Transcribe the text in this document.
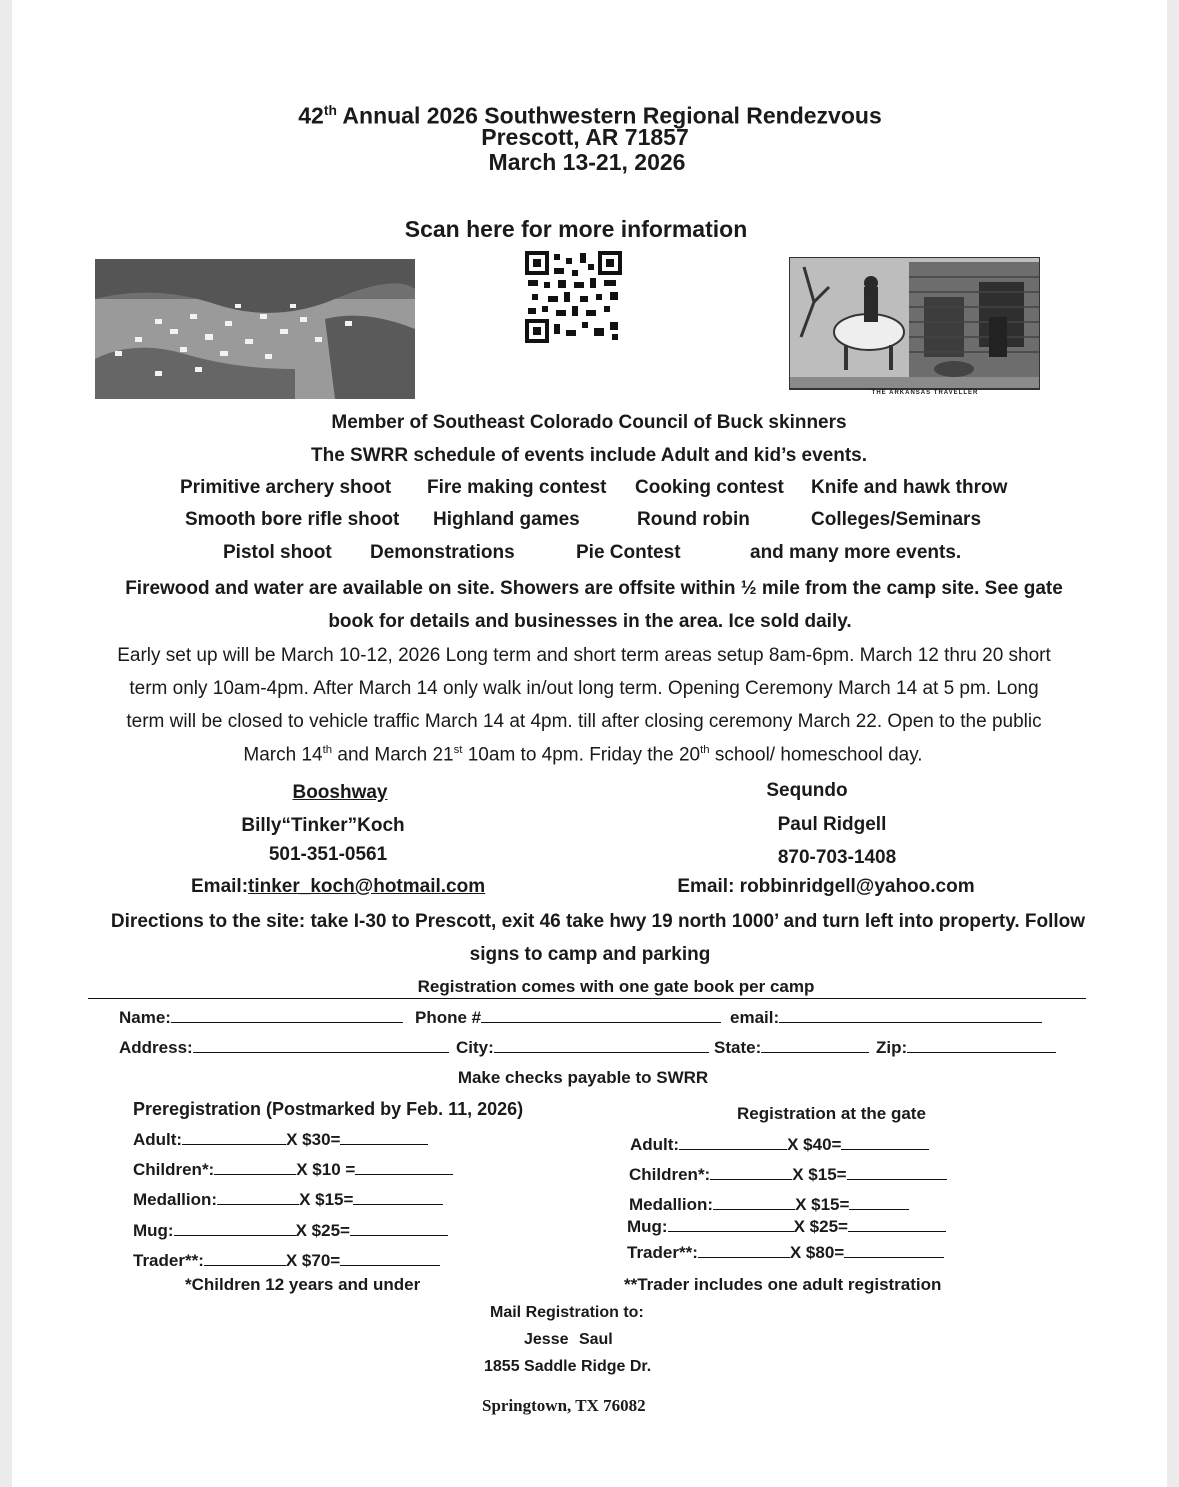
42th Annual 2026 Southwestern Regional Rendezvous
Prescott, AR 71857
March 13-21, 2026
Scan here for more information
THE ARKANSAS TRAVELLER
Member of Southeast Colorado Council of Buck skinners
The SWRR schedule of events include Adult and kid’s events.
Primitive archery shoot Fire making contest Cooking contest Knife and hawk throw
Smooth bore rifle shoot Highland games	Round robin	Colleges/Seminars
Pistol shoot Demonstrations	Pie Contest	and many more events.
Firewood and water are available on site. Showers are offsite within ½ mile from the camp site. See gate
book for details and businesses in the area. Ice sold daily.
Early set up will be March 10-12, 2026 Long term and short term areas setup 8am-6pm. March 12 thru 20 short
term only 10am-4pm. After March 14 only walk in/out long term. Opening Ceremony March 14 at 5 pm. Long
term will be closed to vehicle traffic March 14 at 4pm. till after closing ceremony March 22. Open to the public
March 14th and March 21st 10am to 4pm. Friday the 20th school/ homeschool day.
Booshway
Billy“Tinker”Koch
501-351-0561
Email:tinker_koch@hotmail.com
Sequndo
Paul Ridgell
870-703-1408
Email: robbinridgell@yahoo.com
Directions to the site: take I-30 to Prescott, exit 46 take hwy 19 north 1000’ and turn left into property. Follow
signs to camp and parking
Registration comes with one gate book per camp
Name:	Phone #	email:
Address:	City:	State:	Zip:
Make checks payable to SWRR
Preregistration (Postmarked by Feb. 11, 2026)
Adult:	X $30=
Children*:	X $10 =
Medallion:	X $15=
Mug:	X $25=
Trader**:	X $70=
*Children 12 years and under
Registration at the gate
Adult:	X $40=
Children*:	X $15=
Medallion:	X $15=
Mug:	X $25=
Trader**:	X $80=
**Trader includes one adult registration
Mail Registration to:
Jesse Saul
1855 Saddle Ridge Dr.
Springtown, TX 76082
